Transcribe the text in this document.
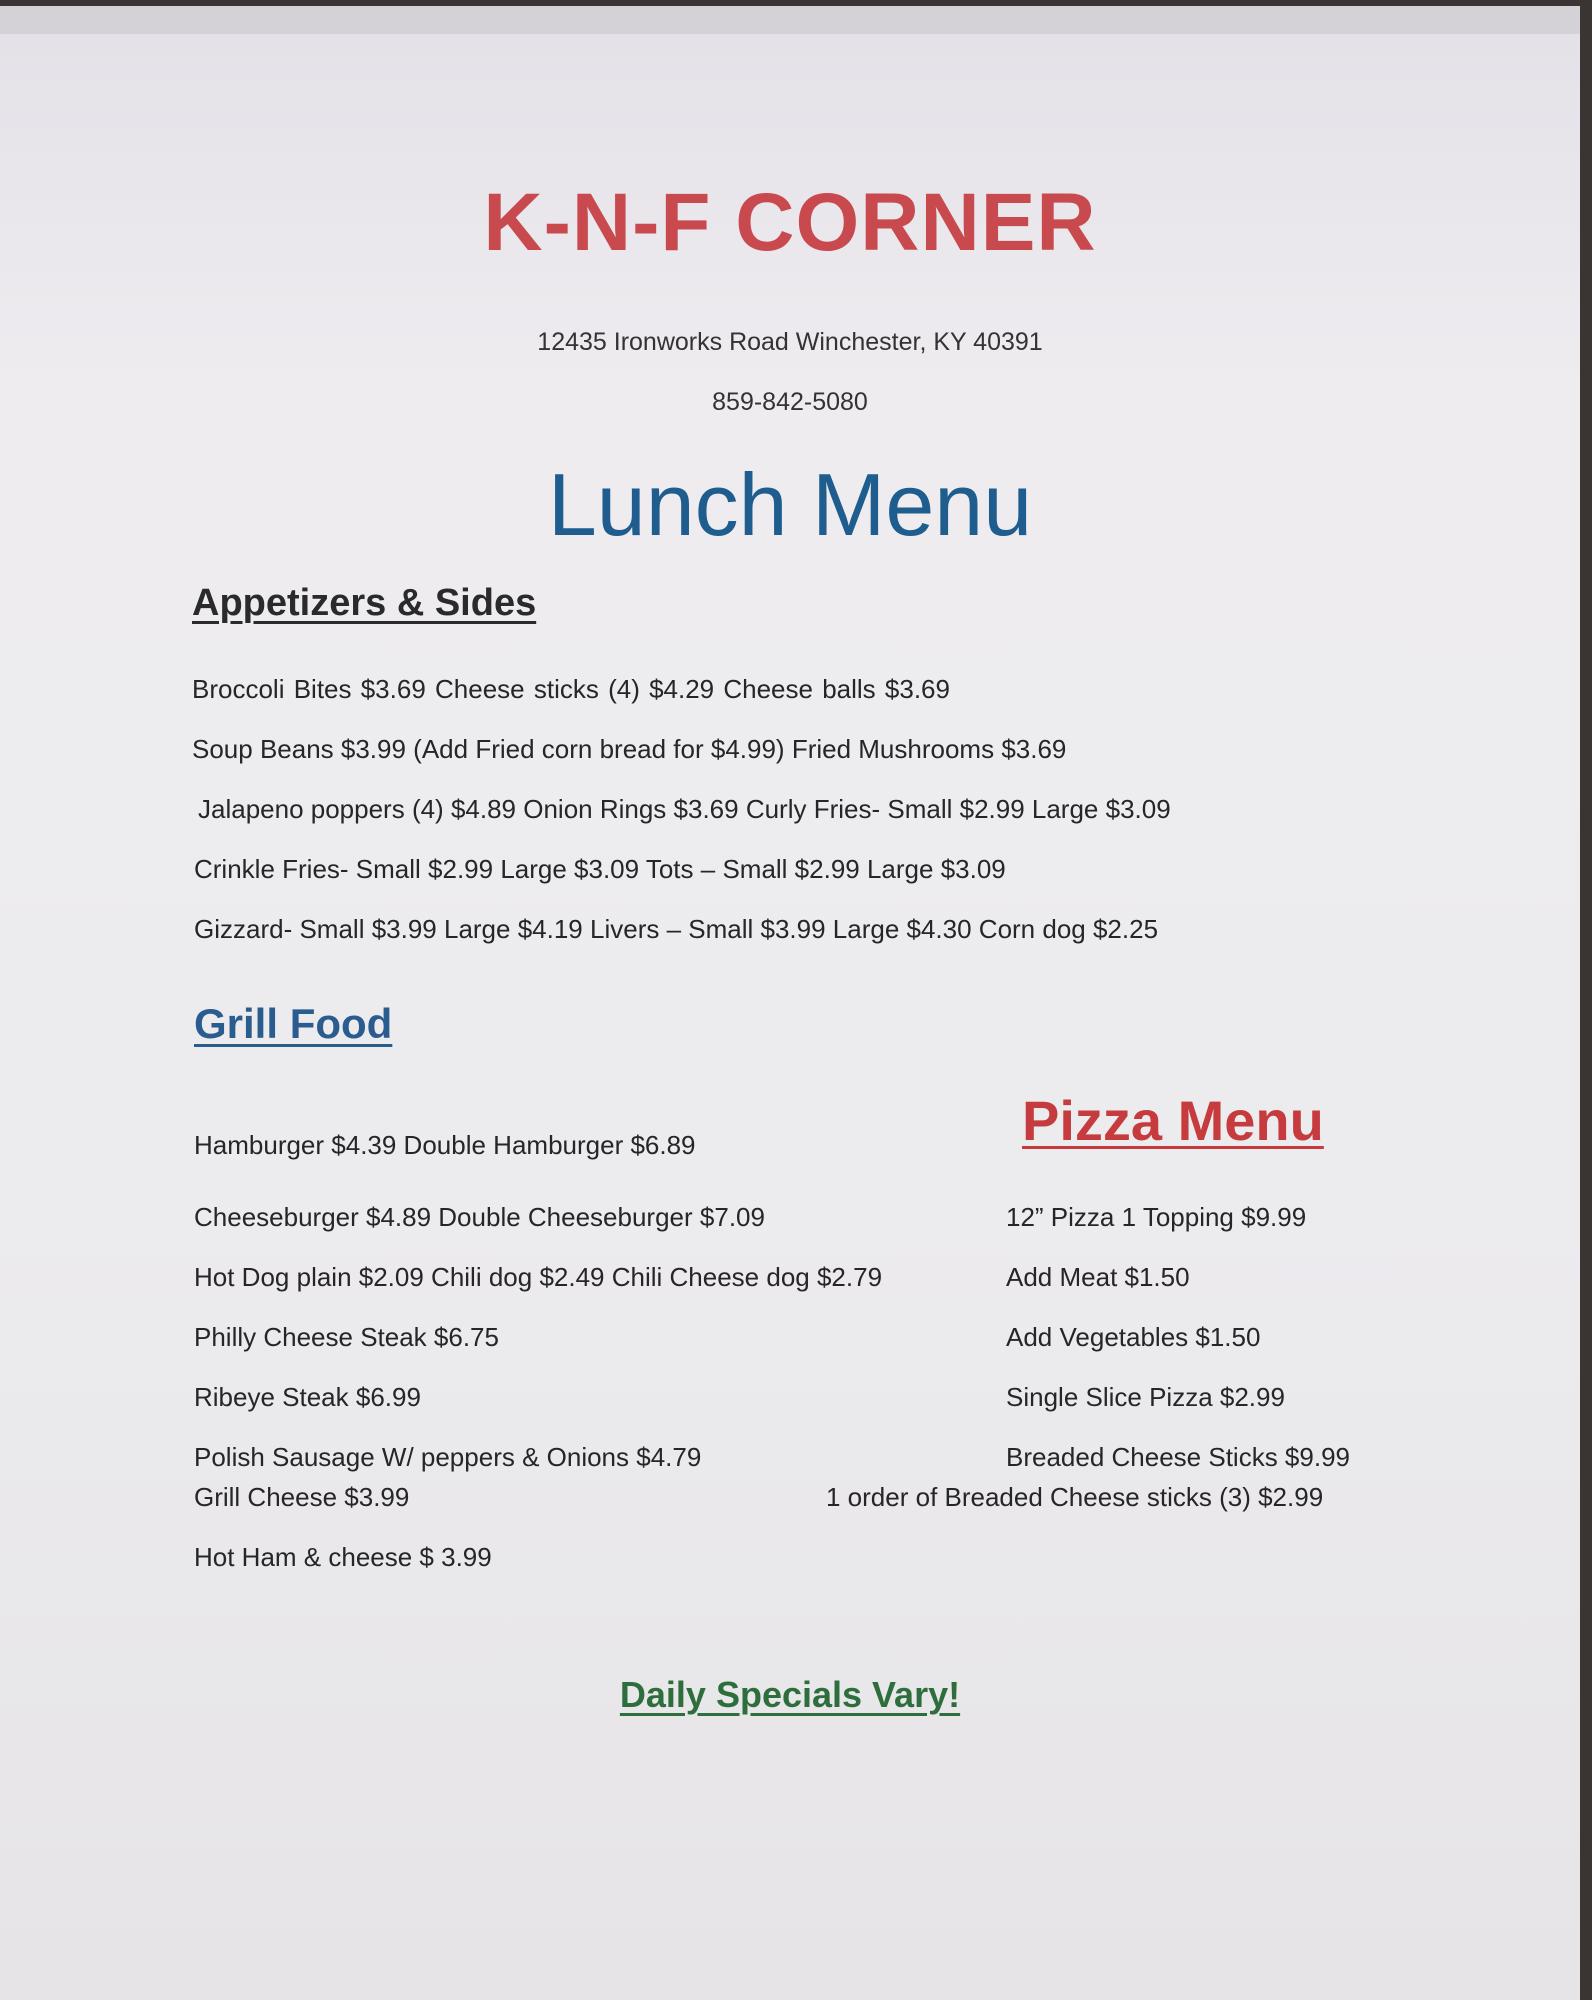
K-N-F CORNER
12435 Ironworks Road Winchester, KY 40391
859-842-5080
Lunch Menu
Appetizers & Sides
Broccoli Bites $3.69 Cheese sticks (4) $4.29 Cheese balls $3.69
Soup Beans $3.99 (Add Fried corn bread for $4.99) Fried Mushrooms $3.69
Jalapeno poppers (4) $4.89 Onion Rings $3.69 Curly Fries- Small $2.99 Large $3.09
Crinkle Fries- Small $2.99 Large $3.09 Tots – Small $2.99 Large $3.09
Gizzard- Small $3.99 Large $4.19 Livers – Small $3.99 Large $4.30 Corn dog $2.25
Grill Food
Hamburger $4.39 Double Hamburger $6.89
Cheeseburger $4.89 Double Cheeseburger $7.09
Hot Dog plain $2.09 Chili dog $2.49 Chili Cheese dog $2.79
Philly Cheese Steak $6.75
Ribeye Steak $6.99
Polish Sausage W/ peppers & Onions $4.79
Grill Cheese $3.99
Hot Ham & cheese $ 3.99
Pizza Menu
12” Pizza 1 Topping $9.99
Add Meat $1.50
Add Vegetables $1.50
Single Slice Pizza $2.99
Breaded Cheese Sticks $9.99
1 order of Breaded Cheese sticks (3) $2.99
Daily Specials Vary!
